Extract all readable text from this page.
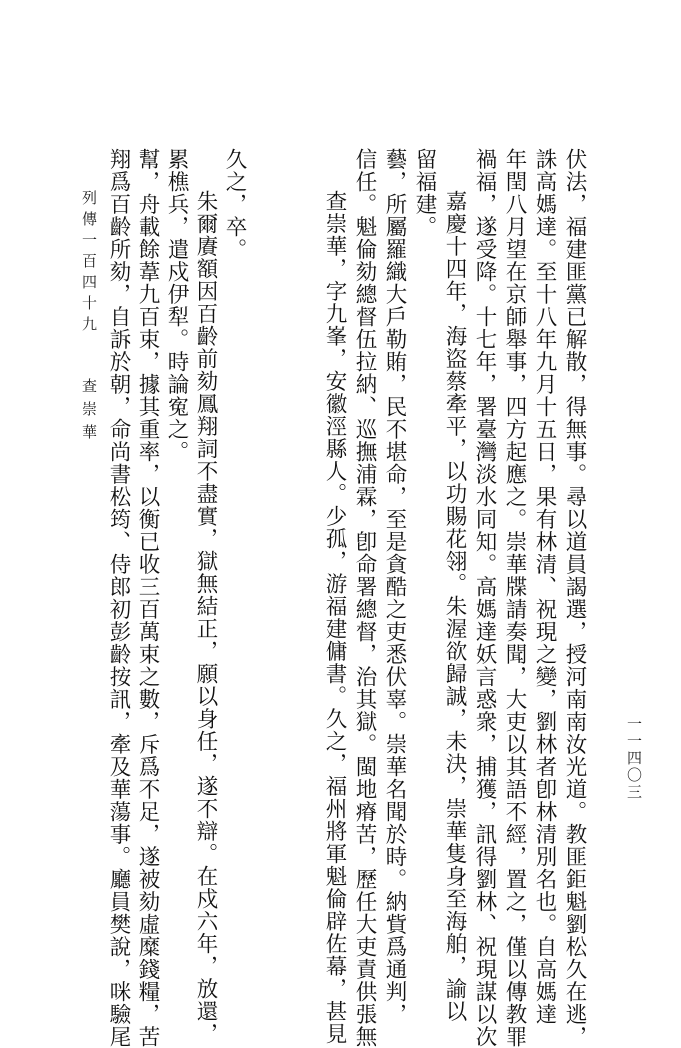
翔爲百齡所劾，自訴於朝，命尚書松筠、侍郎初彭齡按訊，牽及華蕩事。廳員樊說，咪驗尾 幫，舟載餘葦九百束，據其重率，以衡已收三百萬束之數，斥爲不足，遂被劾虛糜錢糧，苦 累樵兵，遣戍伊犁。時論寃之。 朱爾賡額因百齡前劾鳳翔詞不盡實，獄無結正，願以身任，遂不辯。在戍六年，放還， 久之，卒。	查崇華，字九峯，安徽涇縣人。少孤，游福建傭書。久之，福州將軍魁倫辟佐幕，甚見 信任。魁倫劾總督伍拉納、巡撫浦霖，卽命署總督，治其獄。閩地瘠苦，歷任大吏責供張無 藝，所屬羅織大戶勒賄，民不堪命，至是貪酷之吏悉伏辜。崇華名聞於時。納貲爲通判， 留福建。 嘉慶十四年，海盜蔡牽平，以功賜花翎。朱渥欲歸誠，未決，崇華隻身至海舶，諭以 禍福，遂受降。十七年，署臺灣淡水同知。高媽達妖言惑衆，捕獲，訊得劉林、祝現謀以次 年閏八月望在京師舉事，四方起應之。崇華牒請奏聞，大吏以其語不經，置之，僅以傳教罪 誅高媽達。至十八年九月十五日，果有林清、祝現之變，劉林者卽林清別名也。自高媽達 伏法，福建匪黨已解散，得無事。尋以道員謁選，授河南南汝光道。教匪鉅魁劉松久在逃，
列傳一百四十九
查崇華
一一四〇三
